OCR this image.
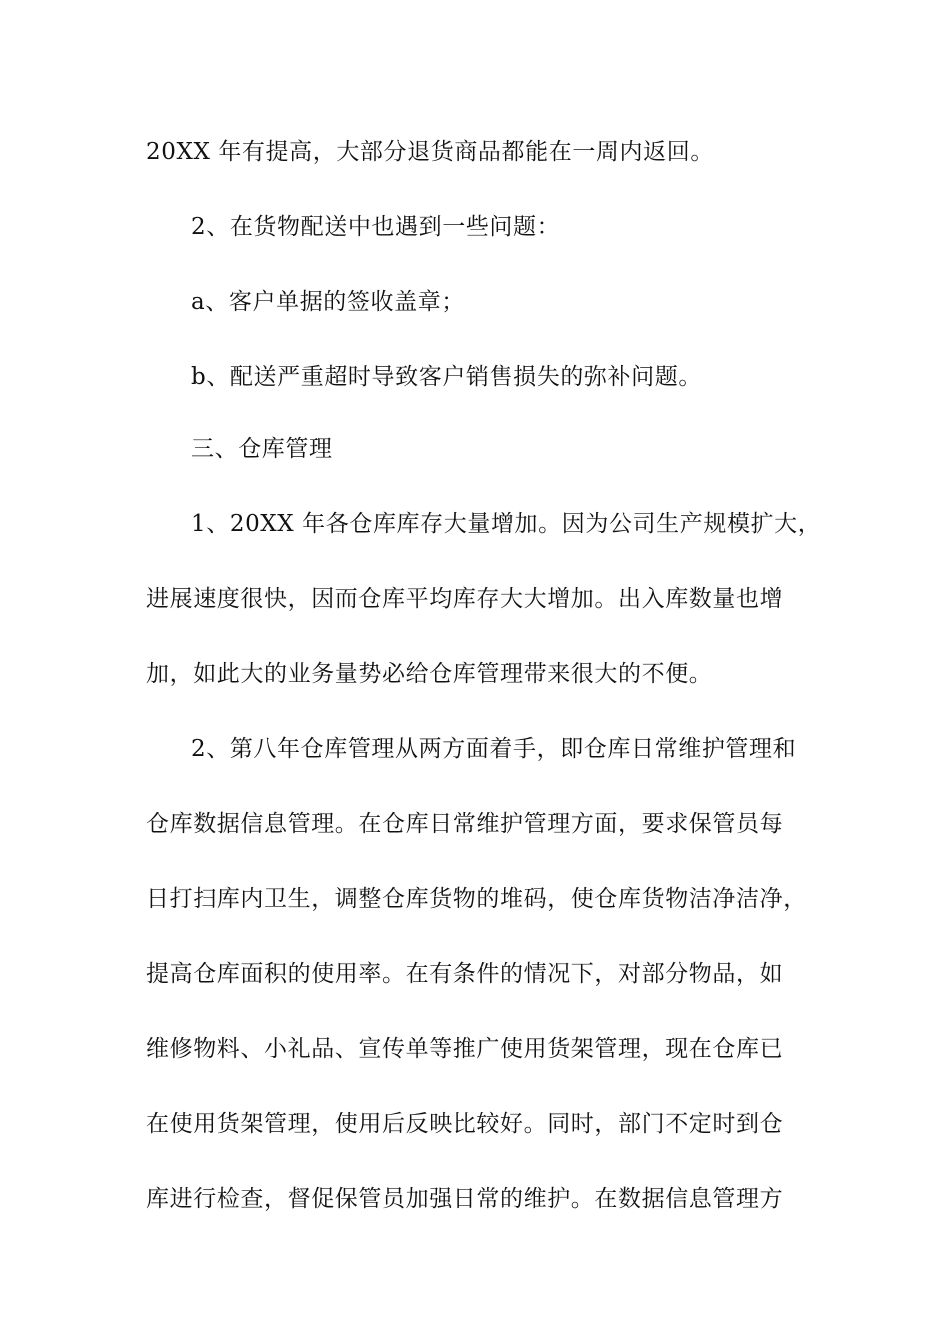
20XX 年有提高，大部分退货商品都能在一周内返回。
2、在货物配送中也遇到一些问题：
a、客户单据的签收盖章；
b、配送严重超时导致客户销售损失的弥补问题。
三、仓库管理
1、20XX 年各仓库库存大量增加。因为公司生产规模扩大，
进展速度很快，因而仓库平均库存大大增加。出入库数量也增
加，如此大的业务量势必给仓库管理带来很大的不便。
2、第八年仓库管理从两方面着手，即仓库日常维护管理和
仓库数据信息管理。在仓库日常维护管理方面，要求保管员每
日打扫库内卫生，调整仓库货物的堆码，使仓库货物洁净洁净，
提高仓库面积的使用率。在有条件的情况下，对部分物品，如
维修物料、小礼品、宣传单等推广使用货架管理，现在仓库已
在使用货架管理，使用后反映比较好。同时，部门不定时到仓
库进行检查，督促保管员加强日常的维护。在数据信息管理方
